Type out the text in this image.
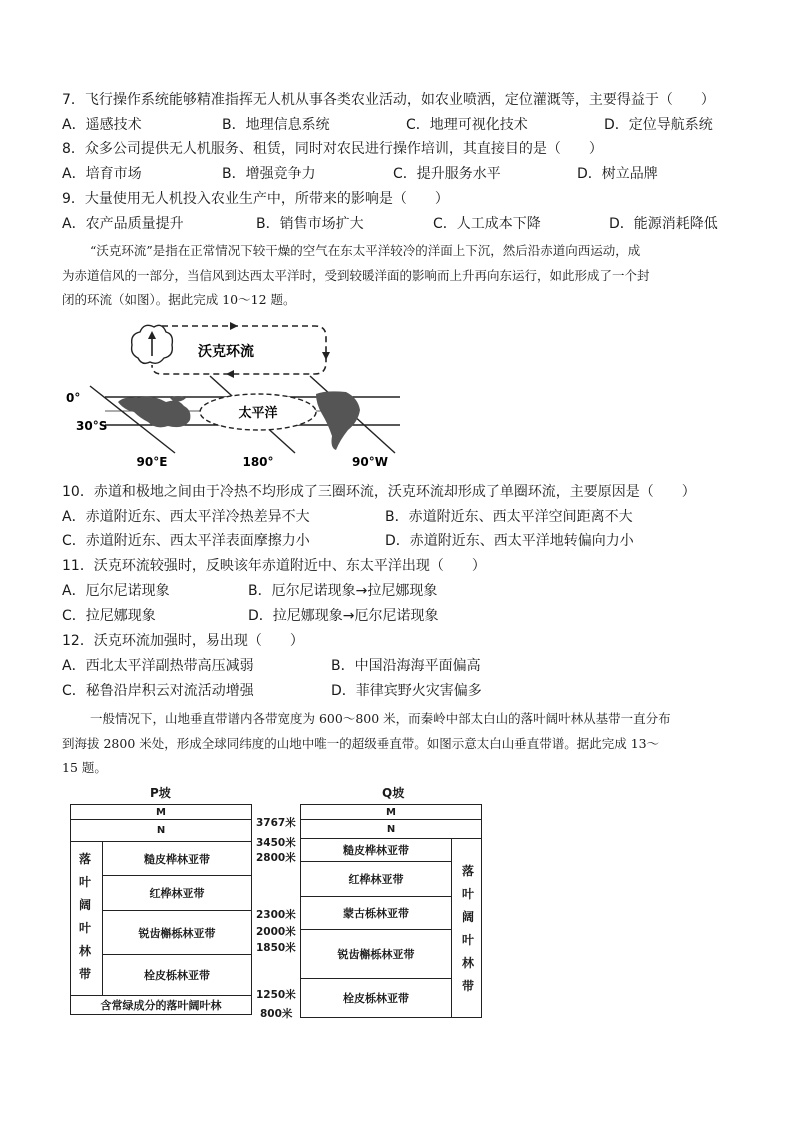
7．飞行操作系统能够精准指挥无人机从事各类农业活动，如农业喷洒，定位灌溉等，主要得益于（　　）
A．遥感技术	B．地理信息系统	C．地理可视化技术	D．定位导航系统
8．众多公司提供无人机服务、租赁，同时对农民进行操作培训，其直接目的是（　　）
A．培育市场	B．增强竞争力	C．提升服务水平	D．树立品牌
9．大量使用无人机投入农业生产中，所带来的影响是（　　）
A．农产品质量提升	B．销售市场扩大	C．人工成本下降	D．能源消耗降低
“沃克环流”是指在正常情况下较干燥的空气在东太平洋较冷的洋面上下沉，然后沿赤道向西运动，成
为赤道信风的一部分，当信风到达西太平洋时，受到较暖洋面的影响而上升再向东运行，如此形成了一个封
闭的环流（如图）。据此完成 10～12 题。
沃克环流
太平洋
0°
30°S
90°E	180°	90°W
10．赤道和极地之间由于冷热不均形成了三圈环流，沃克环流却形成了单圈环流，主要原因是（　　）
A．赤道附近东、西太平洋冷热差异不大	B．赤道附近东、西太平洋空间距离不大
C．赤道附近东、西太平洋表面摩擦力小	D．赤道附近东、西太平洋地转偏向力小
11．沃克环流较强时，反映该年赤道附近中、东太平洋出现（　　）
A．厄尔尼诺现象	B．厄尔尼诺现象→拉尼娜现象
C．拉尼娜现象	D．拉尼娜现象→厄尔尼诺现象
12．沃克环流加强时，易出现（　　）
A．西北太平洋副热带高压减弱	B．中国沿海海平面偏高
C．秘鲁沿岸积云对流活动增强	D．菲律宾野火灾害偏多
一般情况下，山地垂直带谱内各带宽度为 600～800 米，而秦岭中部太白山的落叶阔叶林从基带一直分布
到海拔 2800 米处，形成全球同纬度的山地中唯一的超级垂直带。如图示意太白山垂直带谱。据此完成 13～
15 题。
P坡	Q坡
M
N
落
叶
阔
叶
林
带
糙皮桦林亚带
红桦林亚带
锐齿槲栎林亚带
栓皮栎林亚带
含常绿成分的落叶阔叶林
3767米
3450米
2800米
2300米
2000米
1850米
1250米
800米
M
N
糙皮桦林亚带
红桦林亚带
蒙古栎林亚带
锐齿槲栎林亚带
栓皮栎林亚带
落
叶
阔
叶
林
带
